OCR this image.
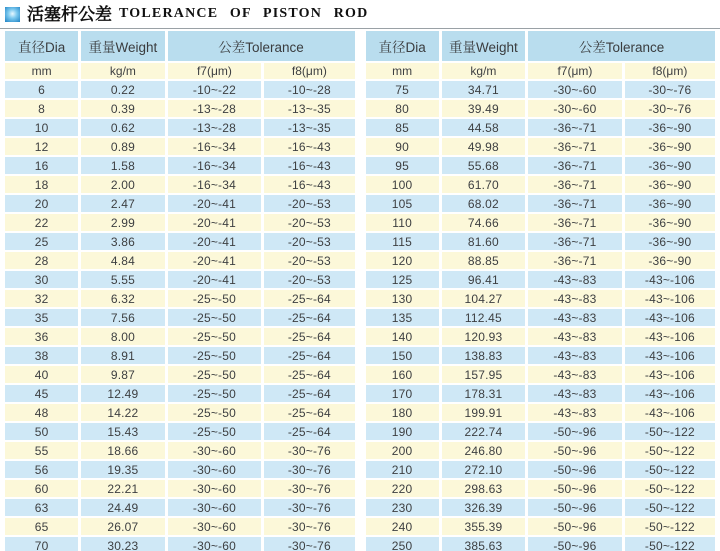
活塞杆公差 TOLERANCE OF PISTON ROD
直径Dia	重量Weight	公差Tolerance	
mm	kg/m	f7(μm)	f8(μm)
6	0.22	-10~-22	-10~-28
8	0.39	-13~-28	-13~-35
10	0.62	-13~-28	-13~-35
12	0.89	-16~-34	-16~-43
16	1.58	-16~-34	-16~-43
18	2.00	-16~-34	-16~-43
20	2.47	-20~-41	-20~-53
22	2.99	-20~-41	-20~-53
25	3.86	-20~-41	-20~-53
28	4.84	-20~-41	-20~-53
30	5.55	-20~-41	-20~-53
32	6.32	-25~-50	-25~-64
35	7.56	-25~-50	-25~-64
36	8.00	-25~-50	-25~-64
38	8.91	-25~-50	-25~-64
40	9.87	-25~-50	-25~-64
45	12.49	-25~-50	-25~-64
48	14.22	-25~-50	-25~-64
50	15.43	-25~-50	-25~-64
55	18.66	-30~-60	-30~-76
56	19.35	-30~-60	-30~-76
60	22.21	-30~-60	-30~-76
63	24.49	-30~-60	-30~-76
65	26.07	-30~-60	-30~-76
70	30.23	-30~-60	-30~-76
直径Dia	重量Weight	公差Tolerance	
mm	kg/m	f7(μm)	f8(μm)
75	34.71	-30~-60	-30~-76
80	39.49	-30~-60	-30~-76
85	44.58	-36~-71	-36~-90
90	49.98	-36~-71	-36~-90
95	55.68	-36~-71	-36~-90
100	61.70	-36~-71	-36~-90
105	68.02	-36~-71	-36~-90
110	74.66	-36~-71	-36~-90
115	81.60	-36~-71	-36~-90
120	88.85	-36~-71	-36~-90
125	96.41	-43~-83	-43~-106
130	104.27	-43~-83	-43~-106
135	112.45	-43~-83	-43~-106
140	120.93	-43~-83	-43~-106
150	138.83	-43~-83	-43~-106
160	157.95	-43~-83	-43~-106
170	178.31	-43~-83	-43~-106
180	199.91	-43~-83	-43~-106
190	222.74	-50~-96	-50~-122
200	246.80	-50~-96	-50~-122
210	272.10	-50~-96	-50~-122
220	298.63	-50~-96	-50~-122
230	326.39	-50~-96	-50~-122
240	355.39	-50~-96	-50~-122
250	385.63	-50~-96	-50~-122
